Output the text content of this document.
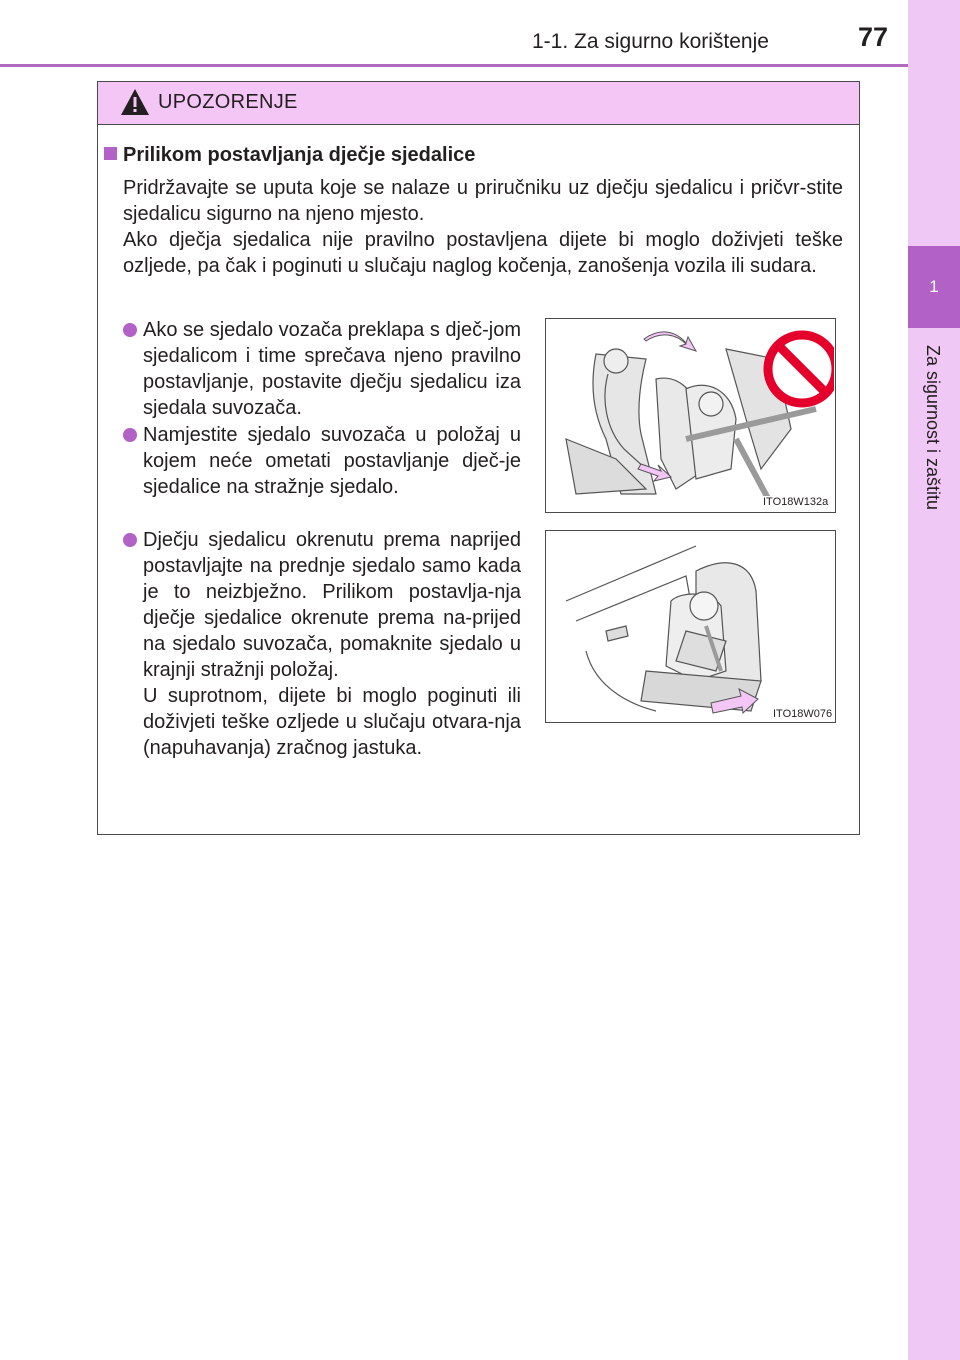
1-1. Za sigurno korištenje	77
1
Za sigurnost i zaštitu
UPOZORENJE
Prilikom postavljanja dječje sjedalice

Pridržavajte se uputa koje se nalaze u priručniku uz dječju sjedalicu i pričvr-stite sjedalicu sigurno na njeno mjesto.

Ako dječja sjedalica nije pravilno postavljena dijete bi moglo doživjeti teške ozljede, pa čak i poginuti u slučaju naglog kočenja, zanošenja vozila ili sudara.

Ako se sjedalo vozača preklapa s dječ-jom sjedalicom i time sprečava njeno pravilno postavljanje, postavite dječju sjedalicu iza sjedala suvozača.
Namjestite sjedalo suvozača u položaj u kojem neće ometati postavljanje dječ-je sjedalice na stražnje sjedalo.
Dječju sjedalicu okrenutu prema naprijed postavljajte na prednje sjedalo samo kada je to neizbježno. Prilikom postavlja-nja dječje sjedalice okrenute prema na-prijed na sjedalo suvozača, pomaknite sjedalo u krajnji stražnji položaj.
U suprotnom, dijete bi moglo poginuti ili doživjeti teške ozljede u slučaju otvara-nja (napuhavanja) zračnog jastuka.
ITO18W132a
ITO18W076
